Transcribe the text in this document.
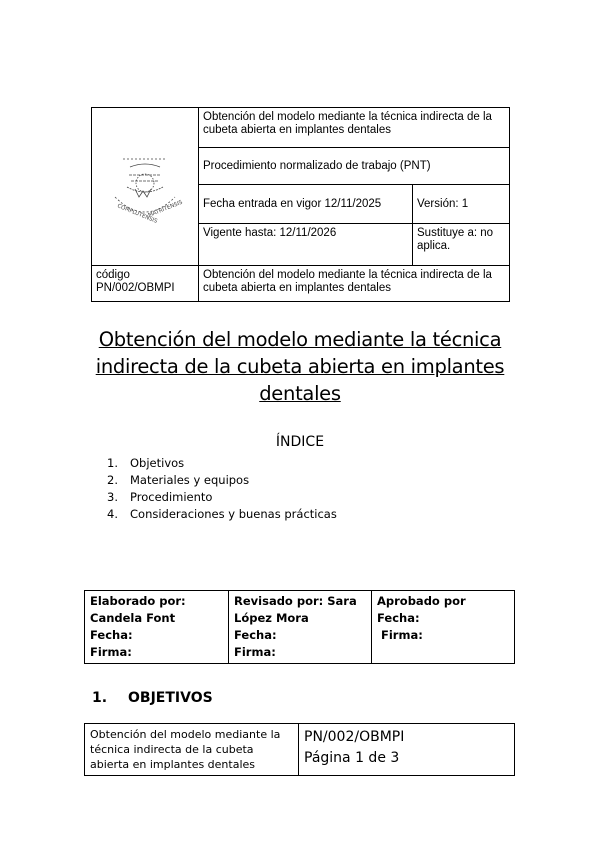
COMPLUTENSIS
MATRITENSIS	Obtención del modelo mediante la técnica indirecta de la cubeta abierta en implantes dentales	
	Procedimiento normalizado de trabajo (PNT)	
	Fecha entrada en vigor 12/11/2025	Versión: 1
	Vigente hasta: 12/11/2026	Sustituye a: no aplica.
código PN/002/OBMPI	Obtención del modelo mediante la técnica indirecta de la cubeta abierta en implantes dentales	
Obtención del modelo mediante la técnica indirecta de la cubeta abierta en implantes dentales
ÍNDICE
1.	Objetivos
2.	Materiales y equipos
3.	Procedimiento
4.	Consideraciones y buenas prácticas
Elaborado por:
Candela Font
Fecha:
Firma:

Revisado por: Sara
López Mora
Fecha:
Firma:

Aprobado por
Fecha:
Firma:
1. OBJETIVOS
Obtención del modelo mediante la técnica indirecta de la cubeta abierta en implantes dentales	
PN/002/OBMPI
Página 1 de 3
